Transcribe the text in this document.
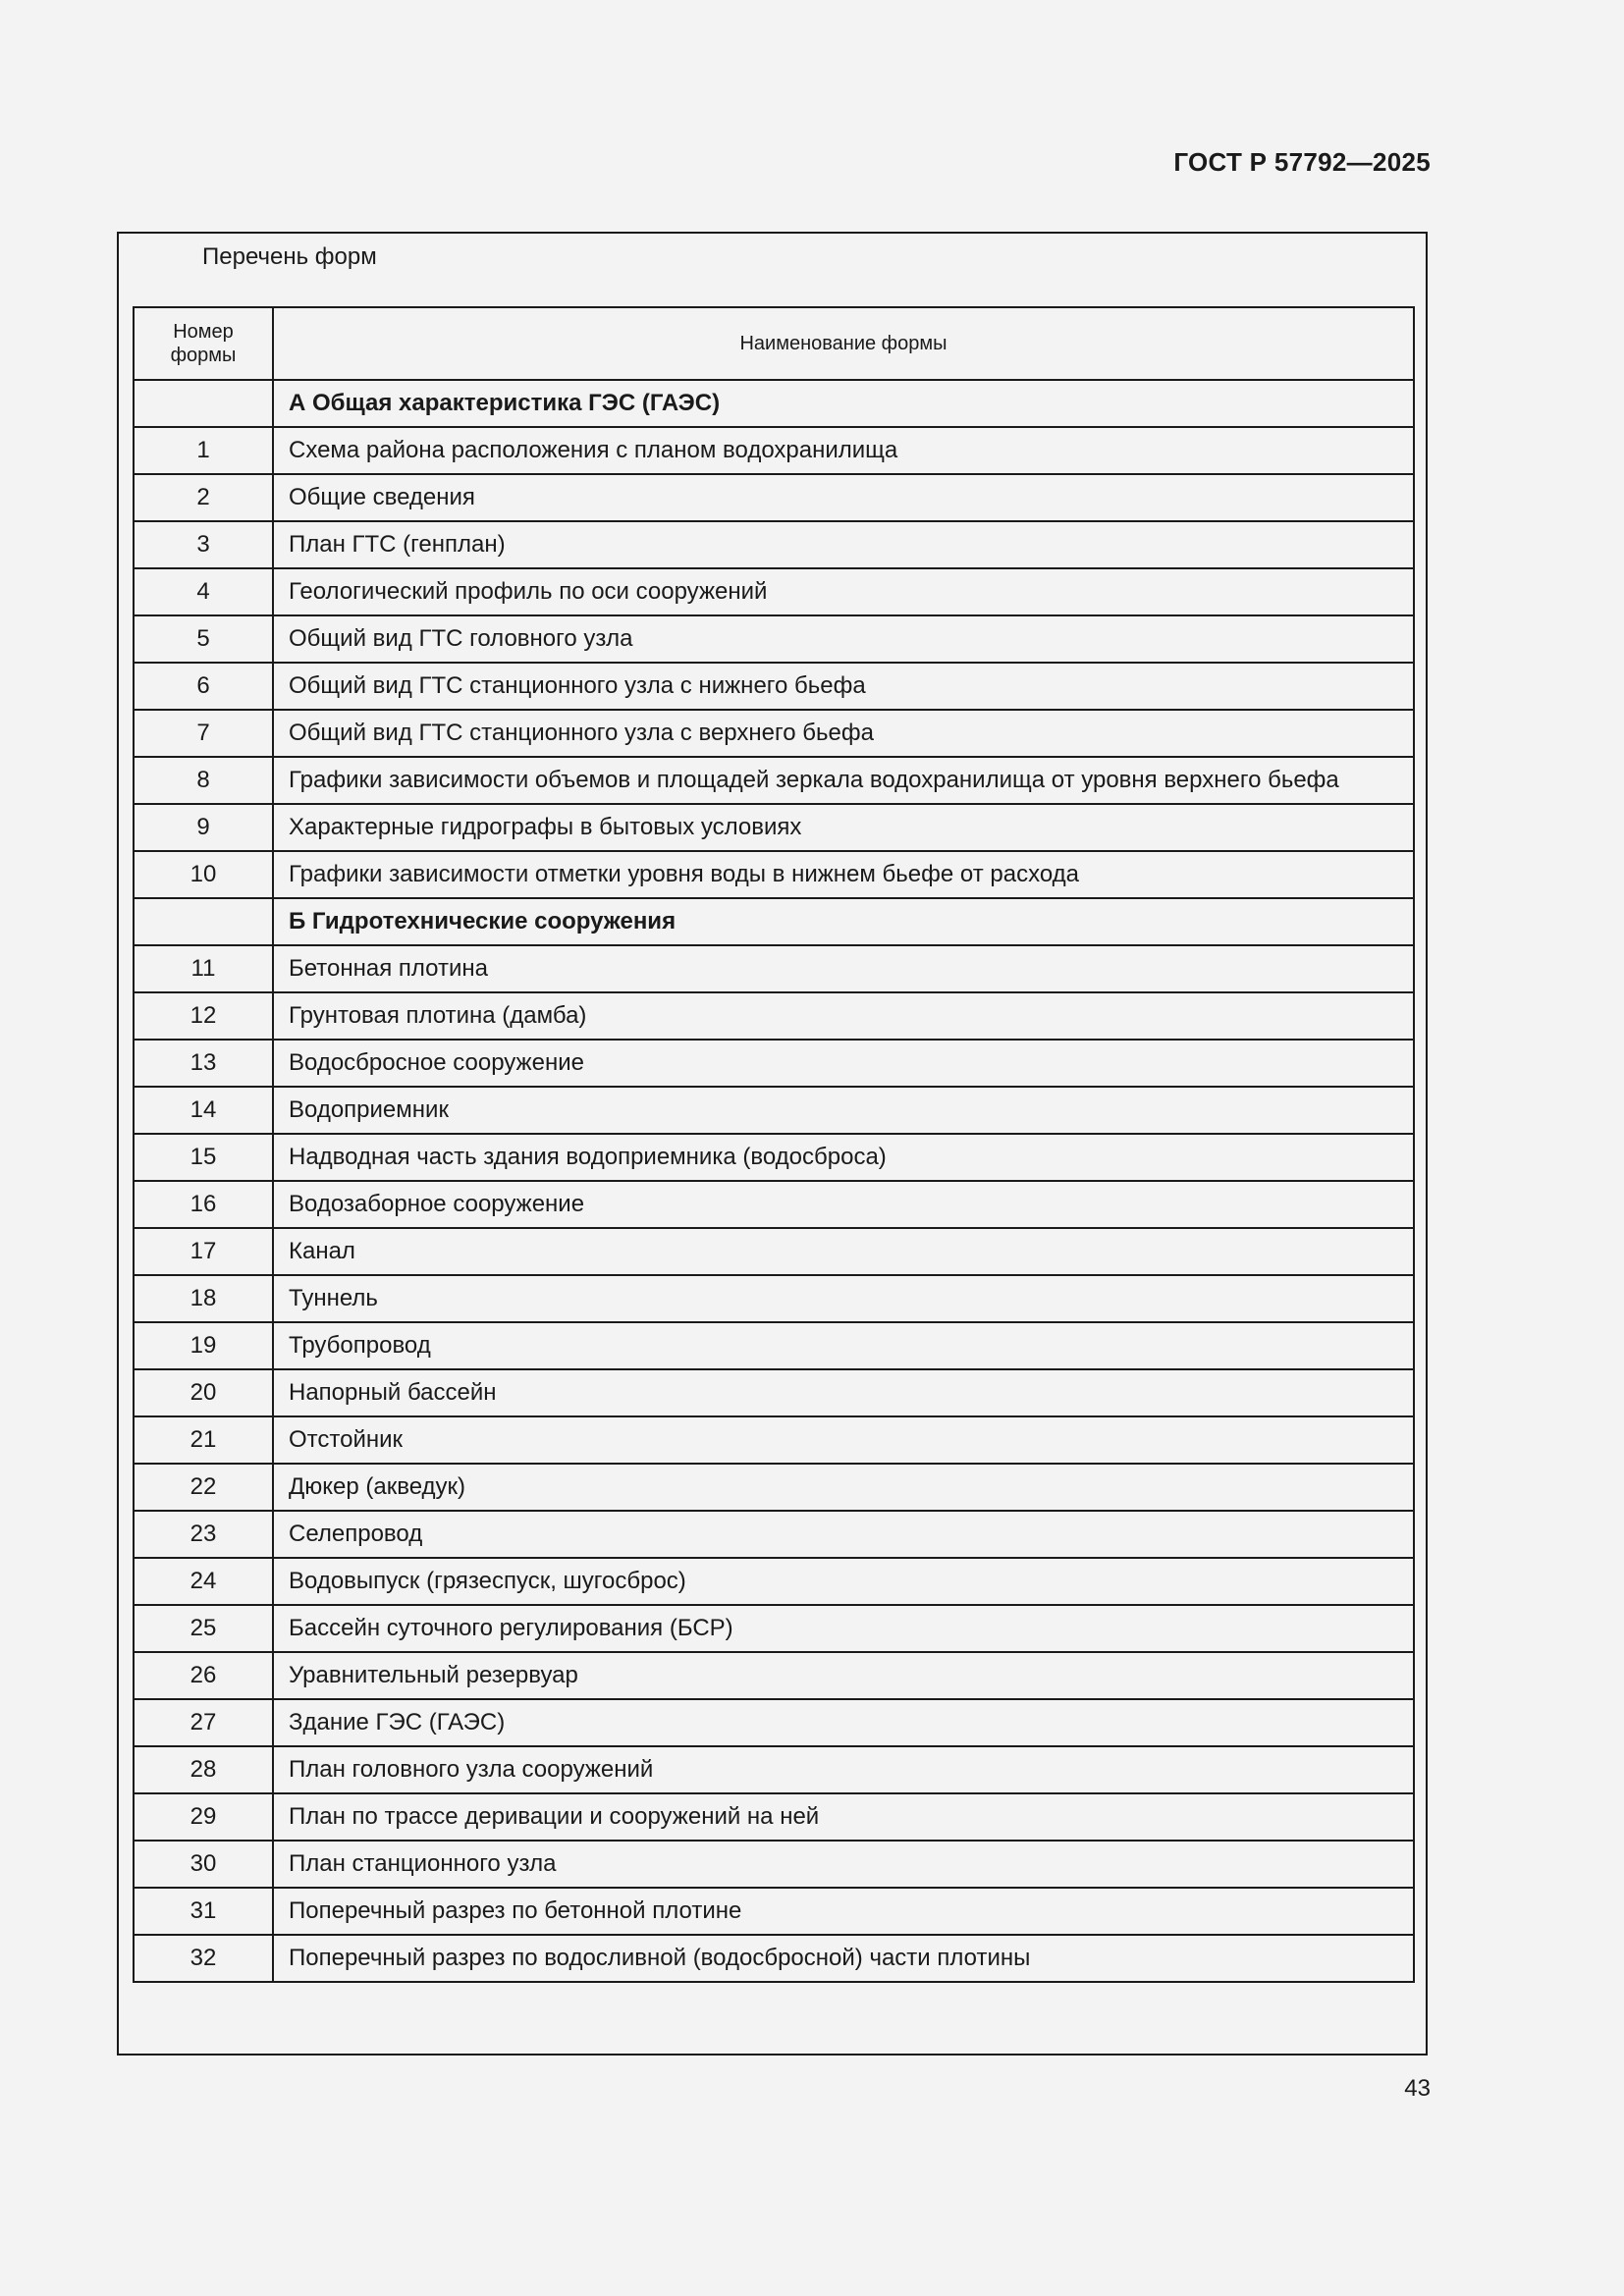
ГОСТ Р 57792—2025
Перечень форм
Номер формы	Наименование формы
	А Общая характеристика ГЭС (ГАЭС)
1	Схема района расположения с планом водохранилища
2	Общие сведения
3	План ГТС (генплан)
4	Геологический профиль по оси сооружений
5	Общий вид ГТС головного узла
6	Общий вид ГТС станционного узла с нижнего бьефа
7	Общий вид ГТС станционного узла с верхнего бьефа
8	Графики зависимости объемов и площадей зеркала водохранилища от уровня верхнего бьефа
9	Характерные гидрографы в бытовых условиях
10	Графики зависимости отметки уровня воды в нижнем бьефе от расхода
	Б Гидротехнические сооружения
11	Бетонная плотина
12	Грунтовая плотина (дамба)
13	Водосбросное сооружение
14	Водоприемник
15	Надводная часть здания водоприемника (водосброса)
16	Водозаборное сооружение
17	Канал
18	Туннель
19	Трубопровод
20	Напорный бассейн
21	Отстойник
22	Дюкер (акведук)
23	Селепровод
24	Водовыпуск (грязеспуск, шугосброс)
25	Бассейн суточного регулирования (БСР)
26	Уравнительный резервуар
27	Здание ГЭС (ГАЭС)
28	План головного узла сооружений
29	План по трассе деривации и сооружений на ней
30	План станционного узла
31	Поперечный разрез по бетонной плотине
32	Поперечный разрез по водосливной (водосбросной) части плотины
43
